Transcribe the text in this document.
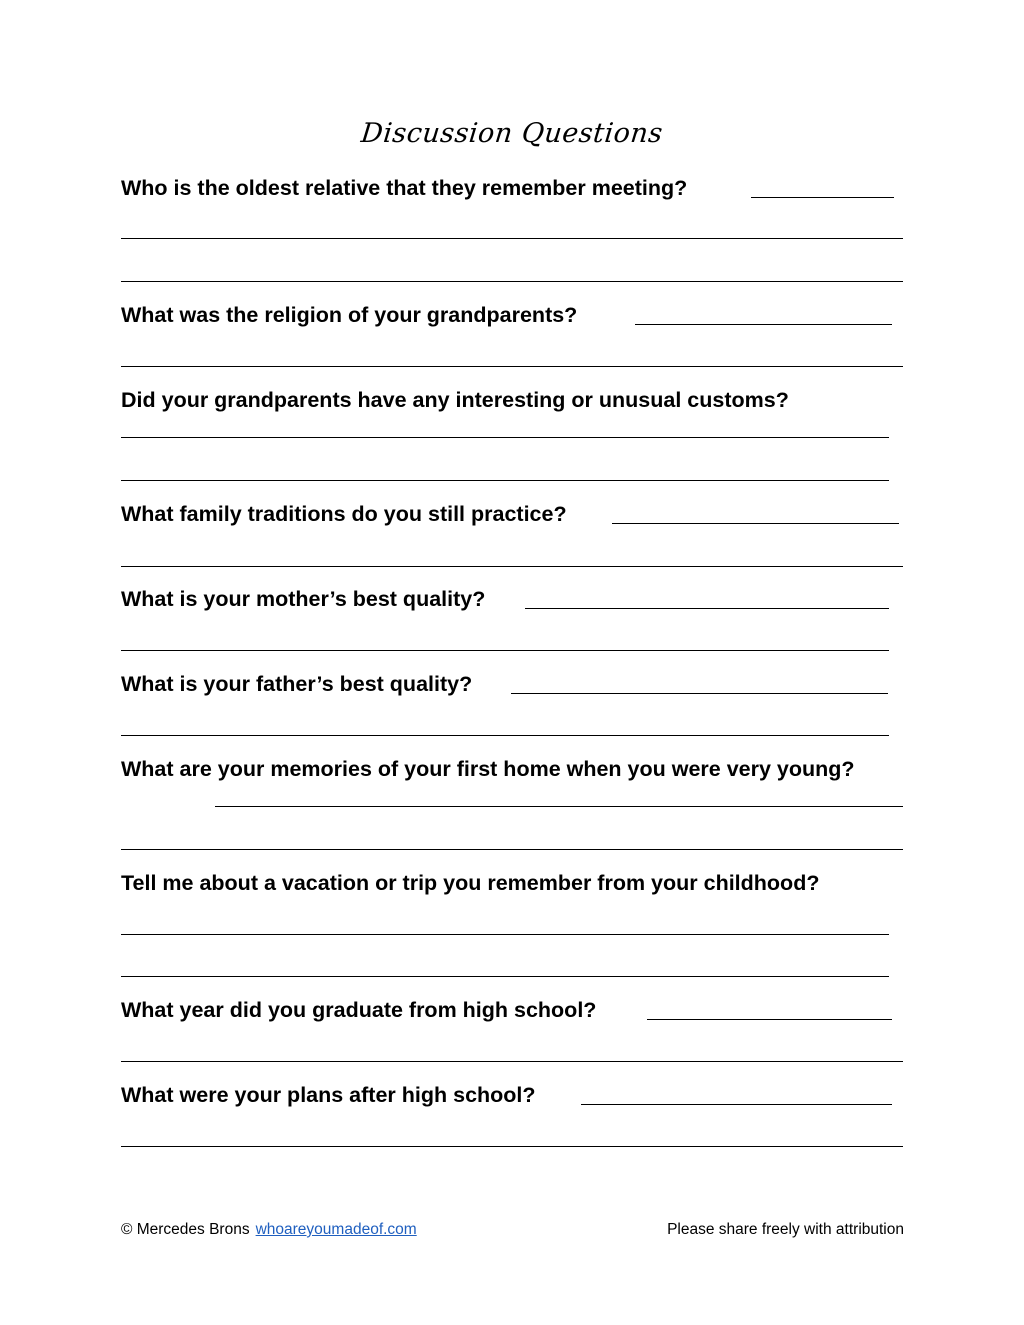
Discussion Questions
Who is the oldest relative that they remember meeting?
What was the religion of your grandparents?
Did your grandparents have any interesting or unusual customs?
What family traditions do you still practice?
What is your mother’s best quality?
What is your father’s best quality?
What are your memories of your first home when you were very young?
Tell me about a vacation or trip you remember from your childhood?
What year did you graduate from high school?
What were your plans after high school?
© Mercedes Brons whoareyoumadeof.com	Please share freely with attribution
